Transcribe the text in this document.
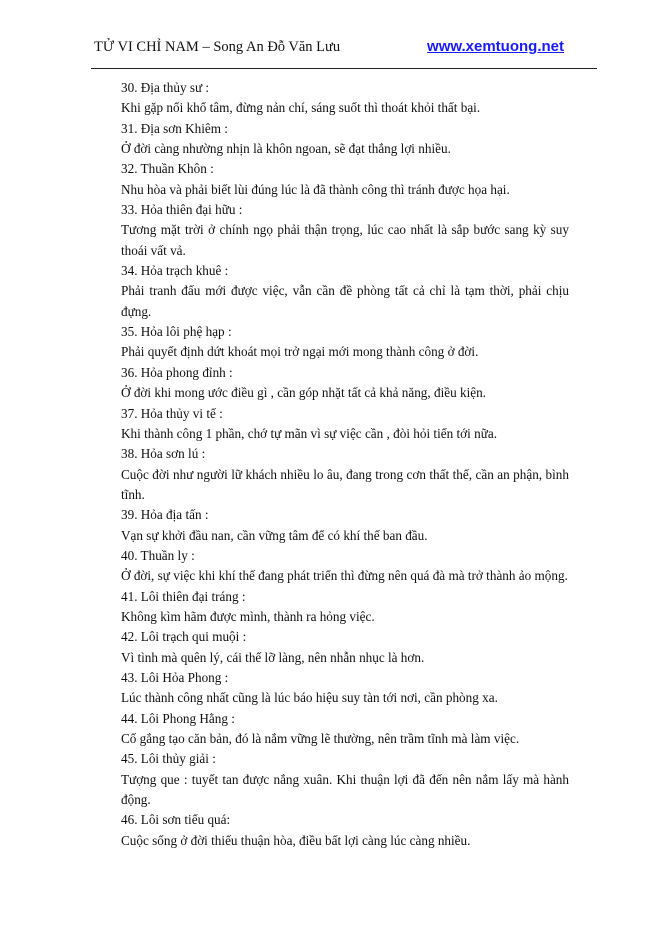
TỬ VI CHỈ NAM – Song An Đỗ Văn Lưu	www.xemtuong.net

30. Địa thủy sư :

Khi gặp nổi khổ tâm, đừng nản chí, sáng suốt thì thoát khỏi thất bại.

31. Địa sơn Khiêm :

Ở đời càng nhường nhịn là khôn ngoan, sẽ đạt thắng lợi nhiều.

32. Thuần Khôn :

Nhu hòa và phải biết lùi đúng lúc là đã thành công thì tránh được họa hại.

33. Hỏa thiên đại hữu :

Tương mặt trời ở chính ngọ phải thận trọng, lúc cao nhất là sắp bước sang kỳ suy thoái vất vả.

34. Hỏa trạch khuê :

Phải tranh đấu mới được việc, vẫn cần đề phòng tất cả chỉ là tạm thời, phải chịu đựng.

35. Hỏa lôi phệ hạp :

Phải quyết định dứt khoát mọi trở ngại mới mong thành công ở đời.

36. Hỏa phong đỉnh :

Ở đời khi mong ước điều gì , cần góp nhặt tất cả khả năng, điều kiện.

37. Hỏa thủy vi tế :

Khi thành công 1 phần, chớ tự mãn vì sự việc cần , đòi hỏi tiến tới nữa.

38. Hỏa sơn lú :

Cuộc đời như người lữ khách nhiều lo âu, đang trong cơn thất thế, cần an phận, bình tĩnh.

39. Hỏa địa tấn :

Vạn sự khởi đầu nan, cần vững tâm để có khí thế ban đầu.

40. Thuần ly :

Ở đời, sự việc khi khí thế đang phát triển thì đừng nên quá đà mà trở thành ảo mộng.

41. Lôi thiên đại tráng :

Không kìm hãm được mình, thành ra hỏng việc.

42. Lôi trạch qui muội :

Vì tình mà quên lý, cái thế lỡ làng, nên nhẫn nhục là hơn.

43. Lôi Hỏa Phong :

Lúc thành công nhất cũng là lúc báo hiệu suy tàn tới nơi, cần phòng xa.

44. Lôi Phong Hằng :

Cố gắng tạo căn bản, đó là nắm vững lẽ thường, nên trầm tĩnh mà làm việc.

45. Lôi thủy giải :

Tượng que : tuyết tan được nắng xuân. Khi thuận lợi đã đến nên nắm lấy mà hành động.

46. Lôi sơn tiểu quá:

Cuộc sống ở đời thiếu thuận hòa, điều bất lợi càng lúc càng nhiều.
